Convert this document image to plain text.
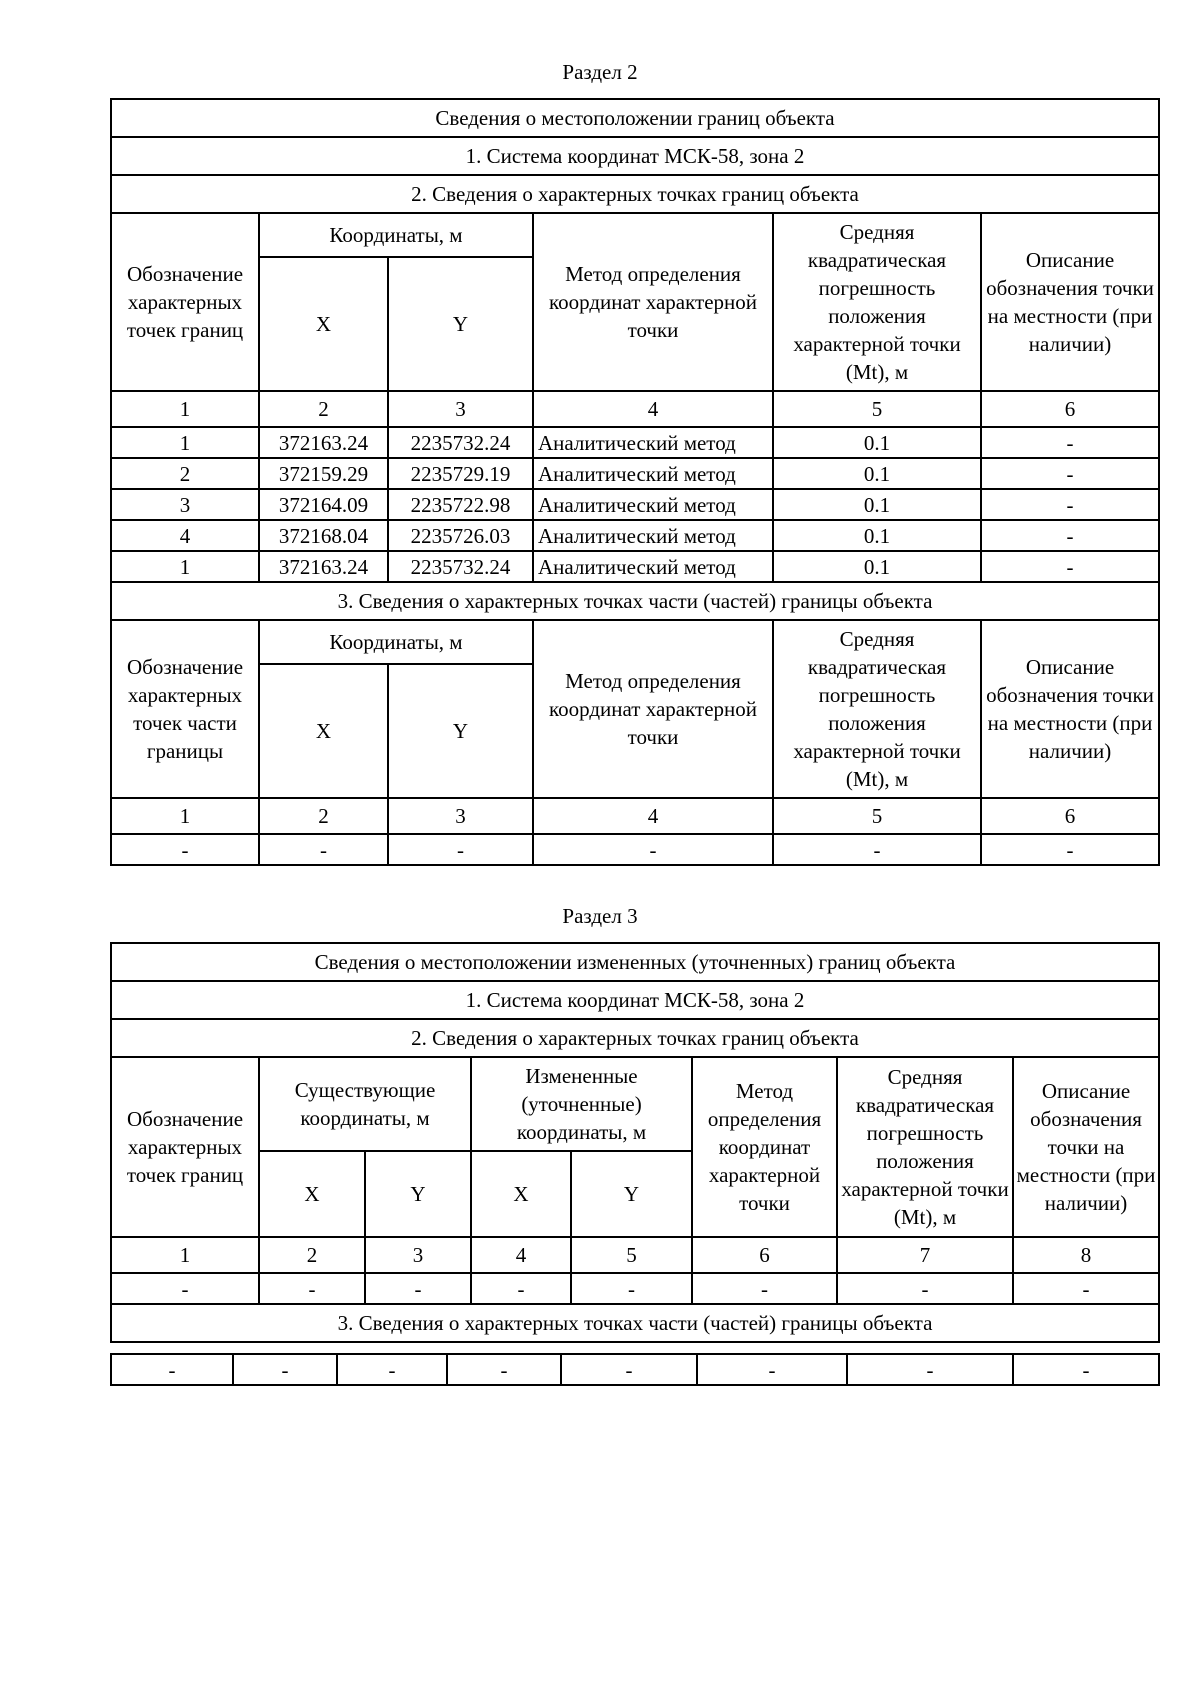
Раздел 2
Сведения о местоположении границ объекта					
1. Система координат МСК-58, зона 2					
2. Сведения о характерных точках границ объекта					
Обозначение характерных точек границ	Координаты, м		Метод определения координат характерной точки	Средняя квадратическая погрешность положения характерной точки (Mt), м	Описание обозначения точки на местности (при наличии)
	X	Y			
1	2	3	4	5	6
1	372163.24	2235732.24	Аналитический метод	0.1	-
2	372159.29	2235729.19	Аналитический метод	0.1	-
3	372164.09	2235722.98	Аналитический метод	0.1	-
4	372168.04	2235726.03	Аналитический метод	0.1	-
1	372163.24	2235732.24	Аналитический метод	0.1	-
3. Сведения о характерных точках части (частей) границы объекта					
Обозначение характерных точек части границы	Координаты, м		Метод определения координат характерной точки	Средняя квадратическая погрешность положения характерной точки (Mt), м	Описание обозначения точки на местности (при наличии)
	X	Y			
1	2	3	4	5	6
-	-	-	-	-	-
Раздел 3
Сведения о местоположении измененных (уточненных) границ объекта							
1. Система координат МСК-58, зона 2							
2. Сведения о характерных точках границ объекта							
Обозначение характерных точек границ	Существующие координаты, м		Измененные (уточненные) координаты, м		Метод определения координат характерной точки	Средняя квадратическая погрешность положения характерной точки (Mt), м	Описание обозначения точки на местности (при наличии)
	X	Y	X	Y			
1	2	3	4	5	6	7	8
-	-	-	-	-	-	-	-
3. Сведения о характерных точках части (частей) границы объекта							
-	-	-	-	-	-	-	-
